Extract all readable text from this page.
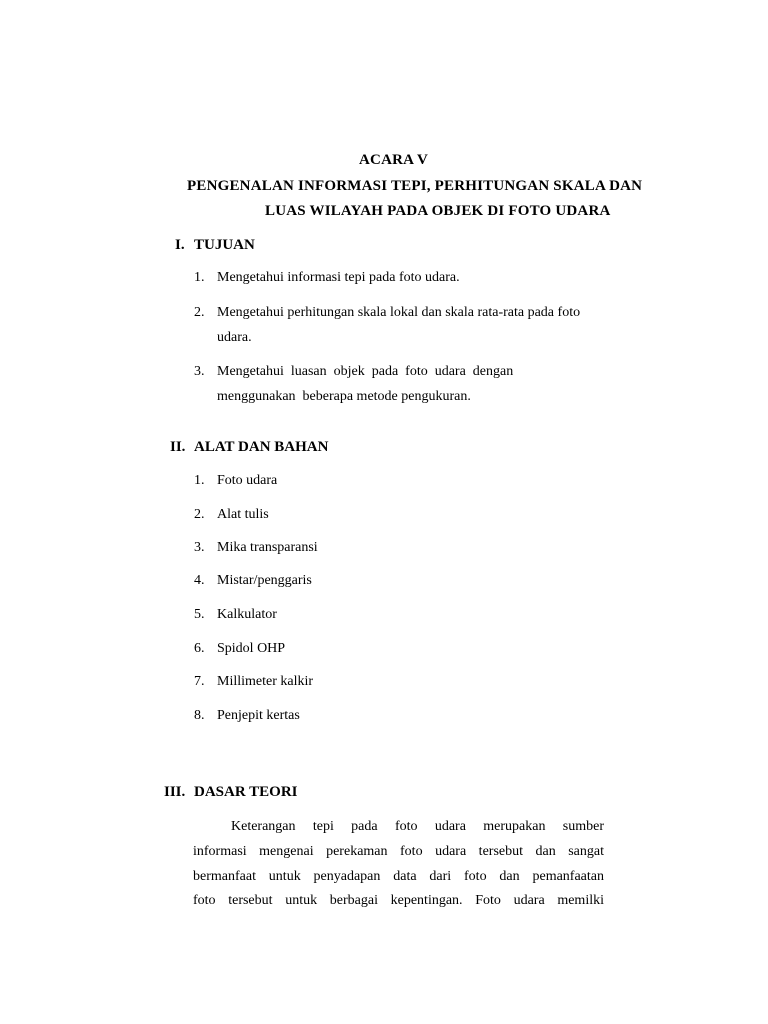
ACARA V
PENGENALAN INFORMASI TEPI, PERHITUNGAN SKALA DAN
LUAS WILAYAH PADA OBJEK DI FOTO UDARA
I. TUJUAN
1. Mengetahui informasi tepi pada foto udara.
2. Mengetahui perhitungan skala lokal dan skala rata-rata pada foto
udara.
3. Mengetahui  luasan  objek  pada  foto  udara  dengan
menggunakan  beberapa metode pengukuran.
II. ALAT DAN BAHAN
1. Foto udara
2. Alat tulis
3. Mika transparansi
4. Mistar/penggaris
5. Kalkulator
6. Spidol OHP
7. Millimeter kalkir
8. Penjepit kertas
III. DASAR TEORI
Keterangan tepi pada foto udara merupakan sumber
informasi mengenai perekaman foto udara tersebut dan sangat
bermanfaat untuk penyadapan data dari foto dan pemanfaatan
foto tersebut untuk berbagai kepentingan. Foto udara memilki
